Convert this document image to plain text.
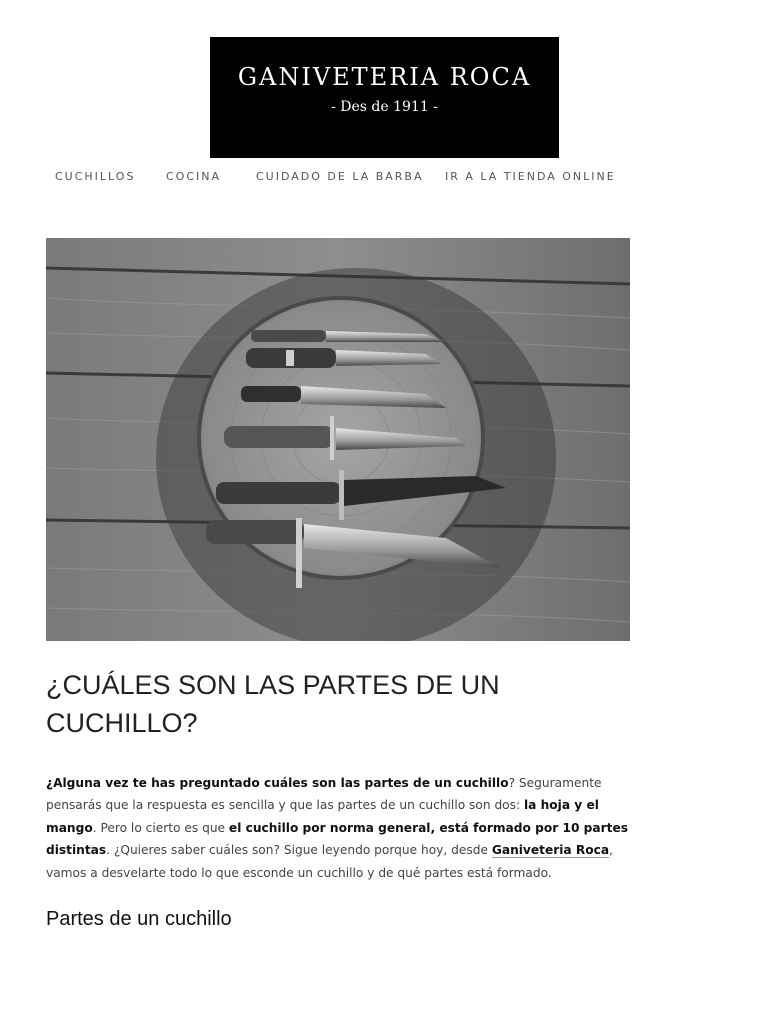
GANIVETERIA ROCA
- Des de 1911 -
CUCHILLOS	COCINA	CUIDADO DE LA BARBA IR A LA TIENDA ONLINE
¿CUÁLES SON LAS PARTES DE UN CUCHILLO?

¿Alguna vez te has preguntado cuáles son las partes de un cuchillo? Seguramente pensarás que la respuesta es sencilla y que las partes de un cuchillo son dos: la hoja y el mango. Pero lo cierto es que el cuchillo por norma general, está formado por 10 partes distintas. ¿Quieres saber cuáles son? Sigue leyendo porque hoy, desde Ganiveteria Roca, vamos a desvelarte todo lo que esconde un cuchillo y de qué partes está formado.

Partes de un cuchillo
